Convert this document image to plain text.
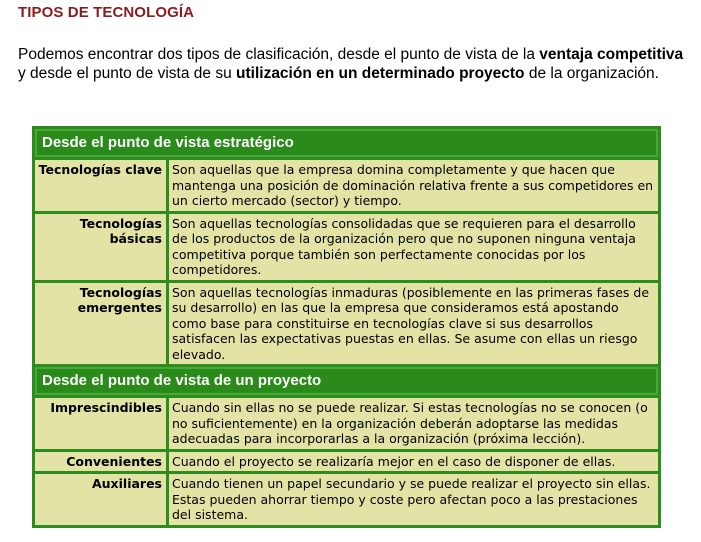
TIPOS DE TECNOLOGÍA
Podemos encontrar dos tipos de clasificación, desde el punto de vista de la ventaja competitiva y desde el punto de vista de su utilización en un determinado proyecto de la organización.
Desde el punto de vista estratégico
Tecnologías clave Son aquellas que la empresa domina completamente y que hacen que mantenga una posición de dominación relativa frente a sus competidores en un cierto mercado (sector) y tiempo.
Tecnologías básicas
Son aquellas tecnologías consolidadas que se requieren para el desarrollo de los productos de la organización pero que no suponen ninguna ventaja competitiva porque también son perfectamente conocidas por los competidores.
Tecnologías emergentes
Son aquellas tecnologías inmaduras (posiblemente en las primeras fases de su desarrollo) en las que la empresa que consideramos está apostando como base para constituirse en tecnologías clave si sus desarrollos satisfacen las expectativas puestas en ellas. Se asume con ellas un riesgo elevado.
Desde el punto de vista de un proyecto
Imprescindibles Cuando sin ellas no se puede realizar. Si estas tecnologías no se conocen (o no suficientemente) en la organización deberán adoptarse las medidas adecuadas para incorporarlas a la organización (próxima lección).
Convenientes Cuando el proyecto se realizaría mejor en el caso de disponer de ellas.
Auxiliares Cuando tienen un papel secundario y se puede realizar el proyecto sin ellas. Estas pueden ahorrar tiempo y coste pero afectan poco a las prestaciones del sistema.
